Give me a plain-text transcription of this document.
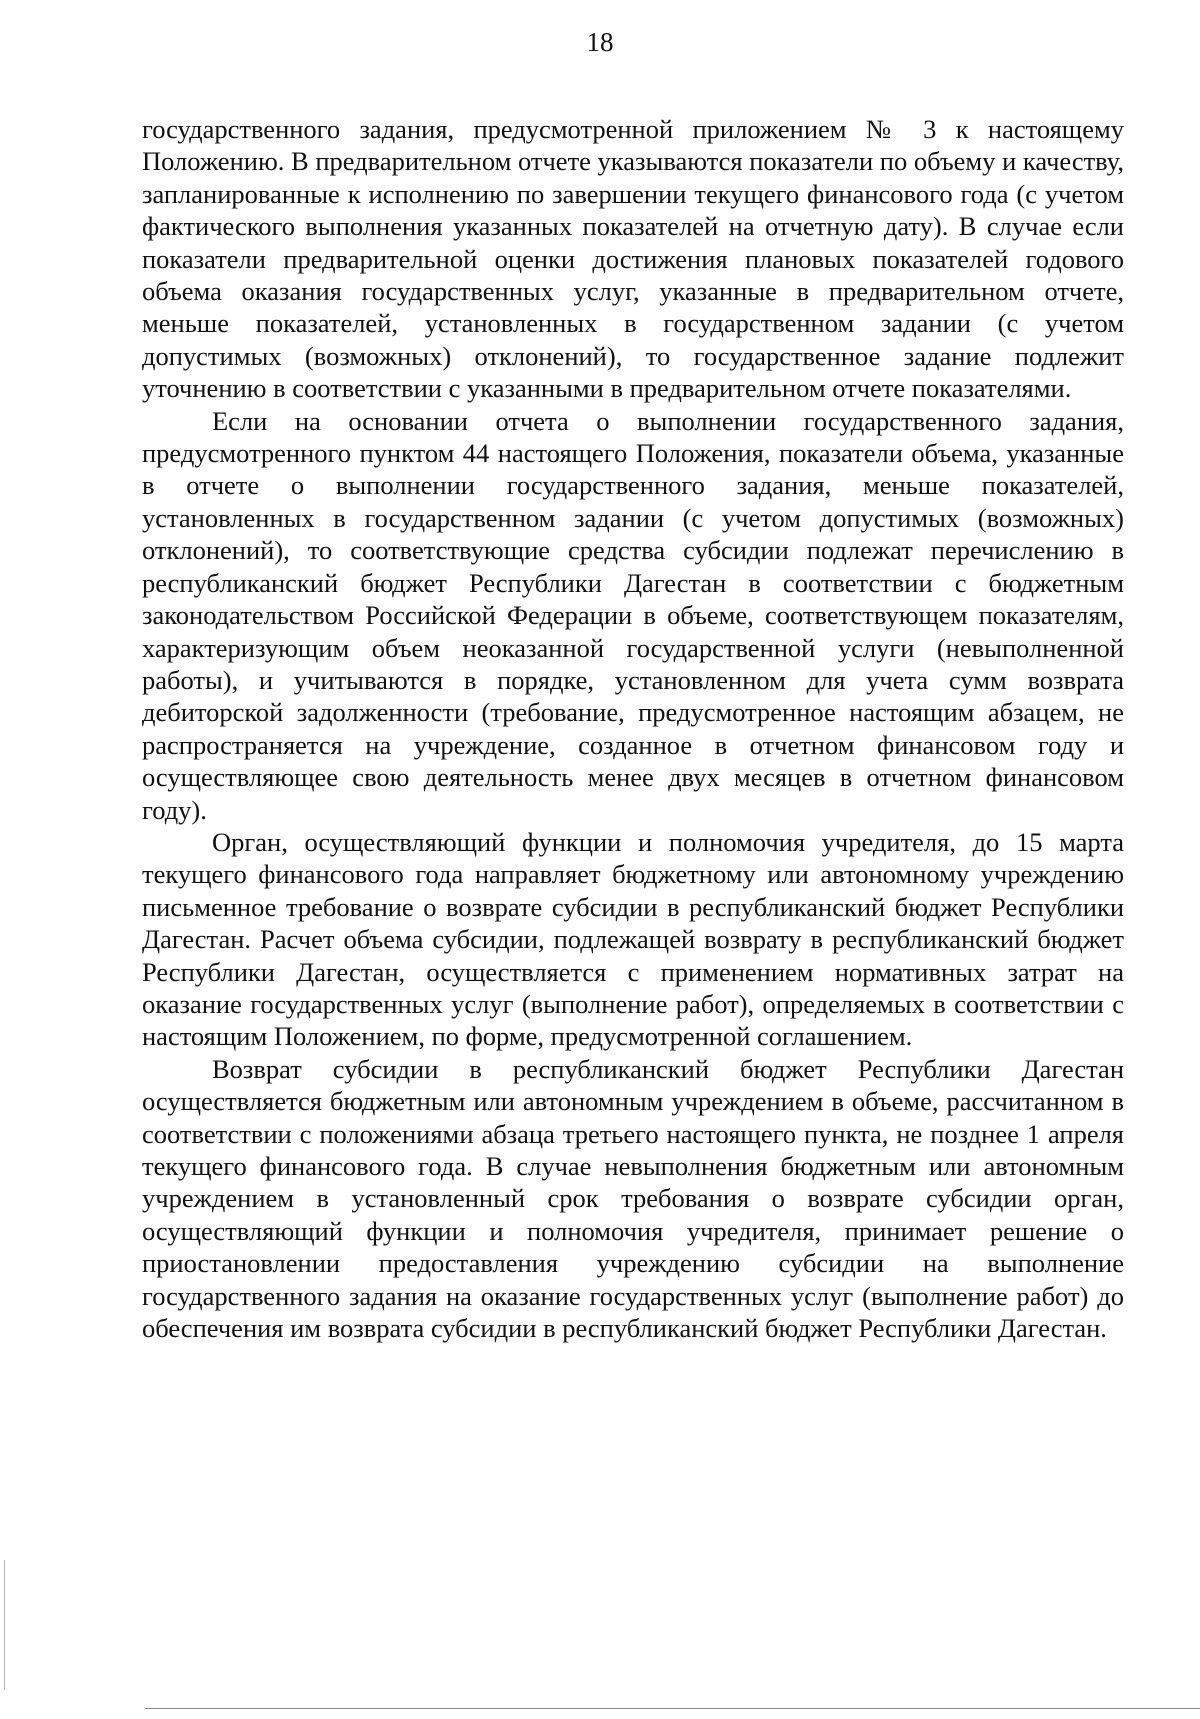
18

государственного задания, предусмотренной приложением № 3 к настоящему Положению. В предварительном отчете указываются показатели по объему и качеству, запланированные к исполнению по завершении текущего финансового года (с учетом фактического выполнения указанных показателей на отчетную дату). В случае если показатели предварительной оценки достижения плановых показателей годового объема оказания государственных услуг, указанные в предварительном отчете, меньше показателей, установленных в государственном задании (с учетом допустимых (возможных) отклонений), то государственное задание подлежит уточнению в соответствии с указанными в предварительном отчете показателями.

Если на основании отчета о выполнении государственного задания, предусмотренного пунктом 44 настоящего Положения, показатели объема, указанные в отчете о выполнении государственного задания, меньше показателей, установленных в государственном задании (с учетом допустимых (возможных) отклонений), то соответствующие средства субсидии подлежат перечислению в республиканский бюджет Республики Дагестан в соответствии с бюджетным законодательством Российской Федерации в объеме, соответствующем показателям, характеризующим объем неоказанной государственной услуги (невыполненной работы), и учитываются в порядке, установленном для учета сумм возврата дебиторской задолженности (требование, предусмотренное настоящим абзацем, не распространяется на учреждение, созданное в отчетном финансовом году и осуществляющее свою деятельность менее двух месяцев в отчетном финансовом году).

Орган, осуществляющий функции и полномочия учредителя, до 15 марта текущего финансового года направляет бюджетному или автономному учреждению письменное требование о возврате субсидии в республиканский бюджет Республики Дагестан. Расчет объема субсидии, подлежащей возврату в республиканский бюджет Республики Дагестан, осуществляется с применением нормативных затрат на оказание государственных услуг (выполнение работ), определяемых в соответствии с настоящим Положением, по форме, предусмотренной соглашением.

Возврат субсидии в республиканский бюджет Республики Дагестан осуществляется бюджетным или автономным учреждением в объеме, рассчитанном в соответствии с положениями абзаца третьего настоящего пункта, не позднее 1 апреля текущего финансового года. В случае невыполнения бюджетным или автономным учреждением в установленный срок требования о возврате субсидии орган, осуществляющий функции и полномочия учредителя, принимает решение о приостановлении предоставления учреждению субсидии на выполнение государственного задания на оказание государственных услуг (выполнение работ) до обеспечения им возврата субсидии в республиканский бюджет Республики Дагестан.
